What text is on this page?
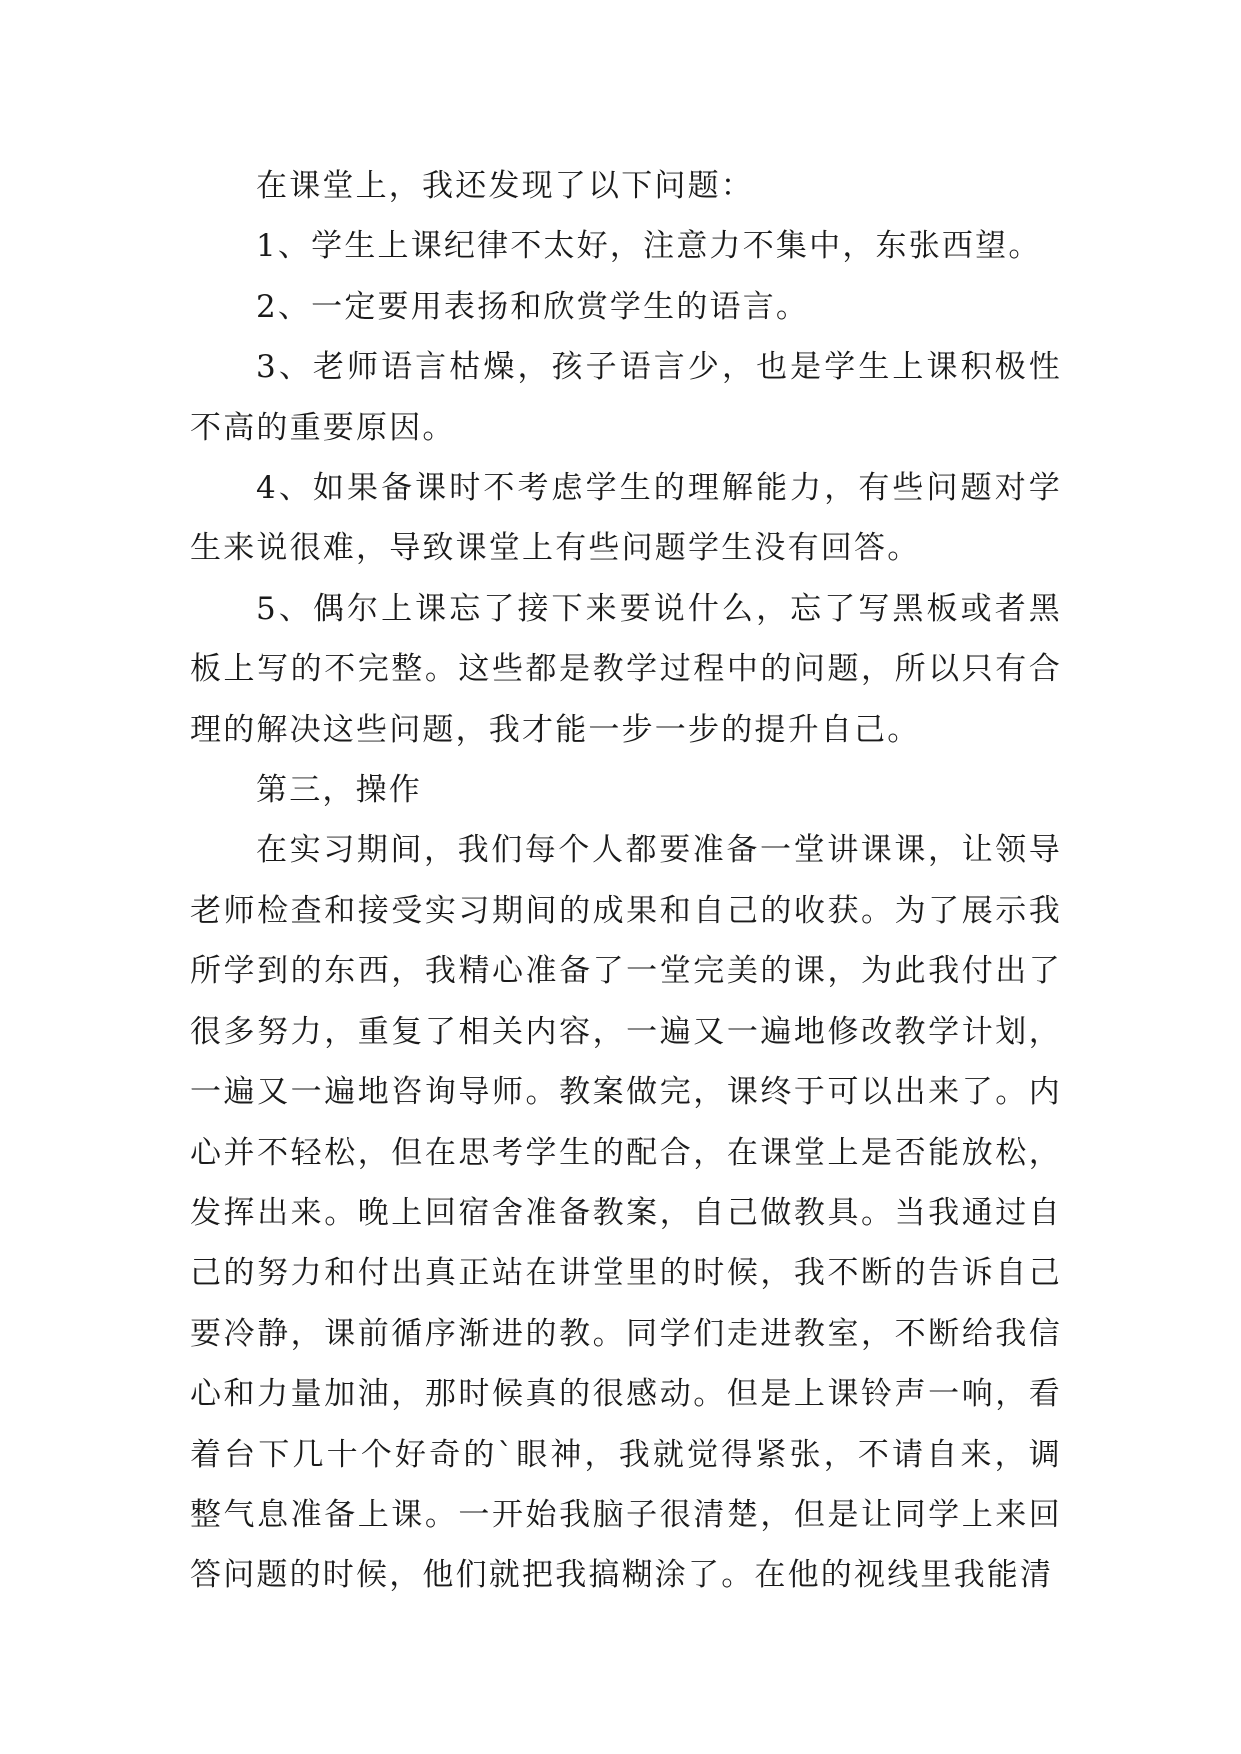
在课堂上，我还发现了以下问题：

1、学生上课纪律不太好，注意力不集中，东张西望。

2、一定要用表扬和欣赏学生的语言。

3、老师语言枯燥，孩子语言少，也是学生上课积极性不高的重要原因。

4、如果备课时不考虑学生的理解能力，有些问题对学生来说很难，导致课堂上有些问题学生没有回答。

5、偶尔上课忘了接下来要说什么，忘了写黑板或者黑板上写的不完整。这些都是教学过程中的问题，所以只有合理的解决这些问题，我才能一步一步的提升自己。

第三，操作

在实习期间，我们每个人都要准备一堂讲课课，让领导老师检查和接受实习期间的成果和自己的收获。为了展示我所学到的东西，我精心准备了一堂完美的课，为此我付出了很多努力，重复了相关内容，一遍又一遍地修改教学计划，一遍又一遍地咨询导师。教案做完，课终于可以出来了。内心并不轻松，但在思考学生的配合，在课堂上是否能放松，发挥出来。晚上回宿舍准备教案，自己做教具。当我通过自己的努力和付出真正站在讲堂里的时候，我不断的告诉自己要冷静，课前循序渐进的教。同学们走进教室，不断给我信心和力量加油，那时候真的很感动。但是上课铃声一响，看着台下几十个好奇的`眼神，我就觉得紧张，不请自来，调整气息准备上课。一开始我脑子很清楚，但是让同学上来回答问题的时候，他们就把我搞糊涂了。在他的视线里我能清
